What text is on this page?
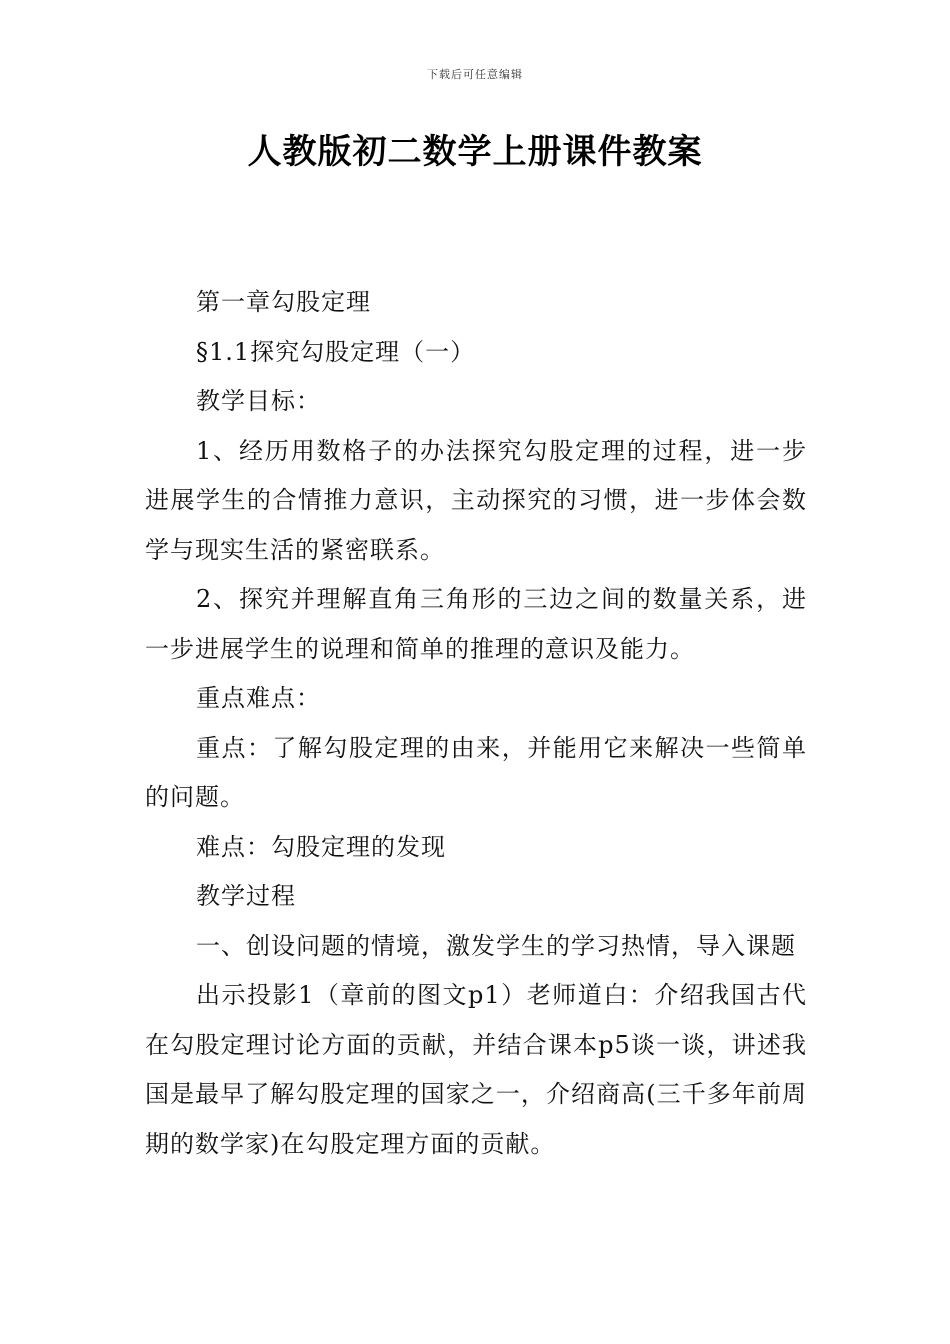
下载后可任意编辑
人教版初二数学上册课件教案

第一章勾股定理

§1.1探究勾股定理（一）

教学目标：

1、经历用数格子的办法探究勾股定理的过程，进一步进展学生的合情推力意识，主动探究的习惯，进一步体会数学与现实生活的紧密联系。

2、探究并理解直角三角形的三边之间的数量关系，进一步进展学生的说理和简单的推理的意识及能力。

重点难点：

重点：了解勾股定理的由来，并能用它来解决一些简单的问题。

难点：勾股定理的发现

教学过程

一、创设问题的情境，激发学生的学习热情，导入课题

出示投影1（章前的图文p1）老师道白：介绍我国古代在勾股定理讨论方面的贡献，并结合课本p5谈一谈，讲述我国是最早了解勾股定理的国家之一，介绍商高(三千多年前周期的数学家)在勾股定理方面的贡献。
